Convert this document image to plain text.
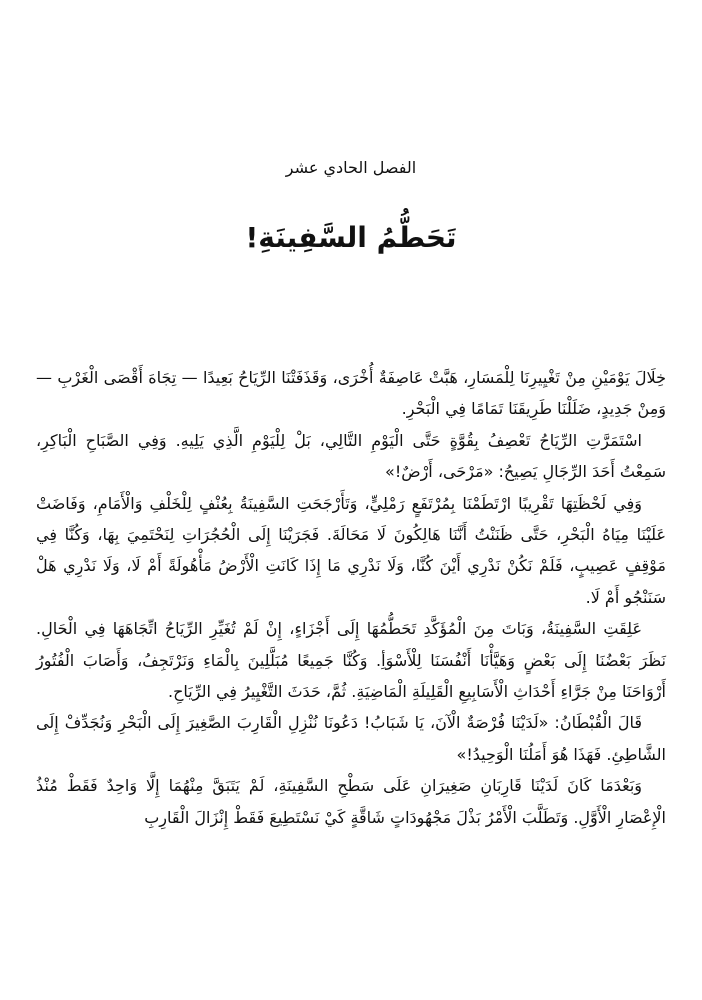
الفصل الحادي عشر
تَحَطُّمُ السَّفِينَةِ!

خِلَالَ يَوْمَيْنِ مِنْ تَغْيِيرِنَا لِلْمَسَارِ، هَبَّتْ عَاصِفَةٌ أُخْرَى، وَقَذَفَتْنَا الرِّيَاحُ بَعِيدًا — تِجَاهَ أَقْصَى الْغَرْبِ — وَمِنْ جَدِيدٍ، ضَلَلْنَا طَرِيقَنَا تَمَامًا فِي الْبَحْرِ.

اسْتَمَرَّتِ الرِّيَاحُ تَعْصِفُ بِقُوَّةٍ حَتَّى الْيَوْمِ التَّالِي، بَلْ لِلْيَوْمِ الَّذِي يَلِيهِ. وَفِي الصَّبَاحِ الْبَاكِرِ، سَمِعْتُ أَحَدَ الرِّجَالِ يَصِيحُ: «مَرْحَى، أَرْضٌ!»

وَفِي لَحْظَتِهَا تَقْرِيبًا ارْتَطَمْنَا بِمُرْتَفَعٍ رَمْلِيٍّ، وَتَأَرْجَحَتِ السَّفِينَةُ بِعُنْفٍ لِلْخَلْفِ وَالْأَمَامِ، وَفَاضَتْ عَلَيْنَا مِيَاهُ الْبَحْرِ، حَتَّى ظَنَنْتُ أَنَّنَا هَالِكُونَ لَا مَحَالَةَ. فَجَرَيْنَا إِلَى الْحُجُرَاتِ لِنَحْتَمِيَ بِهَا، وَكُنَّا فِي مَوْقِفٍ عَصِيبٍ، فَلَمْ نَكُنْ نَدْرِي أَيْنَ كُنَّا، وَلَا نَدْرِي مَا إِذَا كَانَتِ الْأَرْضُ مَأْهُولَةً أَمْ لَا، وَلَا نَدْرِي هَلْ سَنَنْجُو أَمْ لَا.

عَلِقَتِ السَّفِينَةُ، وَبَاتَ مِنَ الْمُؤَكَّدِ تَحَطُّمُهَا إِلَى أَجْزَاءٍ، إِنْ لَمْ تُغَيِّرِ الرِّيَاحُ اتِّجَاهَهَا فِي الْحَالِ. نَظَرَ بَعْضُنَا إِلَى بَعْضٍ وَهَيَّأْنَا أَنْفُسَنَا لِلْأَسْوَأِ. وَكُنَّا جَمِيعًا مُبَلَّلِينَ بِالْمَاءِ وَنَرْتَجِفُ، وَأَصَابَ الْفُتُورُ أَرْوَاحَنَا مِنْ جَرَّاءِ أَحْدَاثِ الْأَسَابِيعِ الْقَلِيلَةِ الْمَاضِيَةِ. ثُمَّ، حَدَثَ التَّغْيِيرُ فِي الرِّيَاحِ.

قَالَ الْقُبْطَانُ: «لَدَيْنَا فُرْصَةٌ الْآنَ، يَا شَبَابُ! دَعُونَا نُنْزِلِ الْقَارِبَ الصَّغِيرَ إِلَى الْبَحْرِ وَنُجَدِّفْ إِلَى الشَّاطِئِ. فَهَذَا هُوَ أَمَلُنَا الْوَحِيدُ!»

وَبَعْدَمَا كَانَ لَدَيْنَا قَارِبَانِ صَغِيرَانِ عَلَى سَطْحِ السَّفِينَةِ، لَمْ يَتَبَقَّ مِنْهُمَا إِلَّا وَاحِدٌ فَقَطْ مُنْذُ الْإِعْصَارِ الْأَوَّلِ. وَتَطَلَّبَ الْأَمْرُ بَذْلَ مَجْهُودَاتٍ شَاقَّةٍ كَيْ نَسْتَطِيعَ فَقَطْ إِنْزَالَ الْقَارِبِ
